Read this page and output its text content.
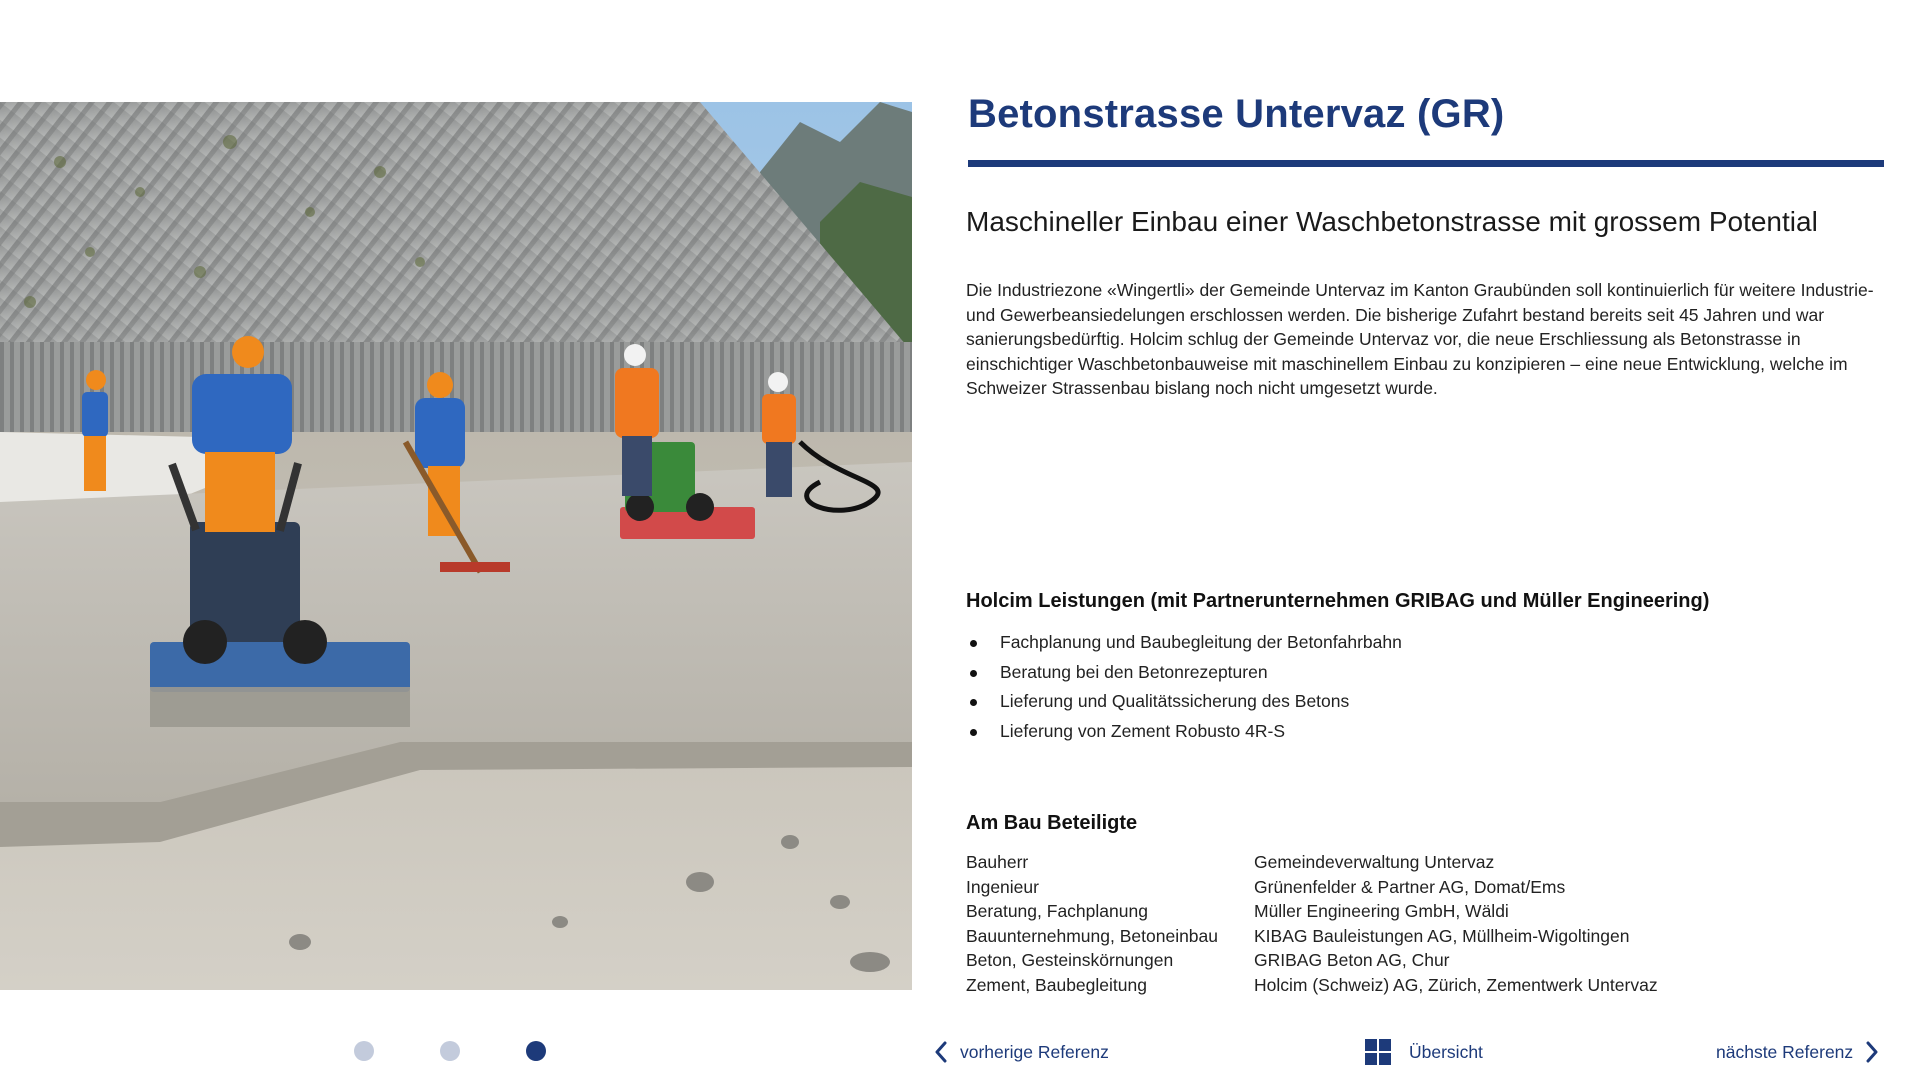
Betonstrasse Untervaz (GR)
Maschineller Einbau einer Waschbetonstrasse mit grossem Potential

Die Industriezone «Wingertli» der Gemeinde Untervaz im Kanton Graubünden soll kontinuierlich für weitere Industrie- und Gewerbeansiedelungen erschlossen werden. Die bisherige Zufahrt bestand bereits seit 45 Jahren und war sanierungsbedürftig. Holcim schlug der Gemeinde Untervaz vor, die neue Erschliessung als Betonstrasse in einschichtiger Waschbetonbauweise mit maschinellem Einbau zu konzipieren – eine neue Entwicklung, welche im Schweizer Strassenbau bislang noch nicht umgesetzt wurde.

Holcim Leistungen (mit Partnerunternehmen GRIBAG und Müller Engineering)
Fachplanung und Baubegleitung der Betonfahrbahn
Beratung bei den Betonrezepturen
Lieferung und Qualitätssicherung des Betons
Lieferung von Zement Robusto 4R-S
Am Bau Beteiligte
Bauherr	Gemeindeverwaltung Untervaz
Ingenieur	Grünenfelder & Partner AG, Domat/Ems
Beratung, Fachplanung	Müller Engineering GmbH, Wäldi
Bauunternehmung, Betoneinbau	KIBAG Bauleistungen AG, Müllheim-Wigoltingen
Beton, Gesteinskörnungen	GRIBAG Beton AG, Chur
Zement, Baubegleitung	Holcim (Schweiz) AG, Zürich, Zementwerk Untervaz
vorherige Referenz	Übersicht	nächste Referenz
